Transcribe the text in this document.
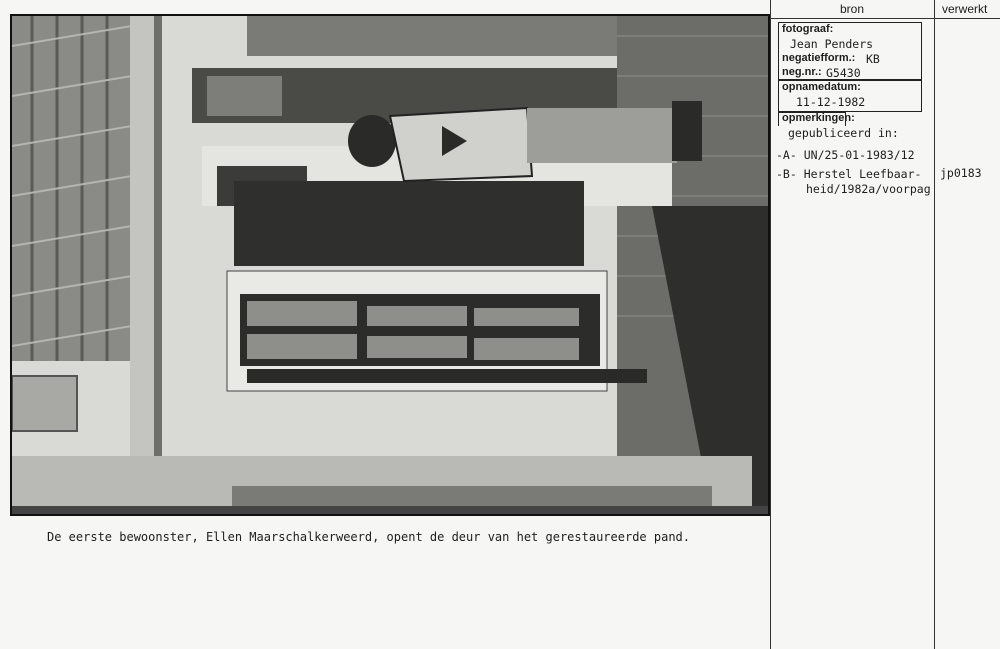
De eerste bewoonster, Ellen Maarschalkerweerd, opent de deur van het gerestaureerde pand.
bron	verwerkt
fotograaf:
Jean Penders
negatiefform.: KB
neg.nr.: G5430
opnamedatum:
11-12-1982
opmerkingen:
gepubliceerd in:
-A- UN/25-01-1983/12
-B- Herstel Leefbaar-
heid/1982a/voorpag
jp0183
